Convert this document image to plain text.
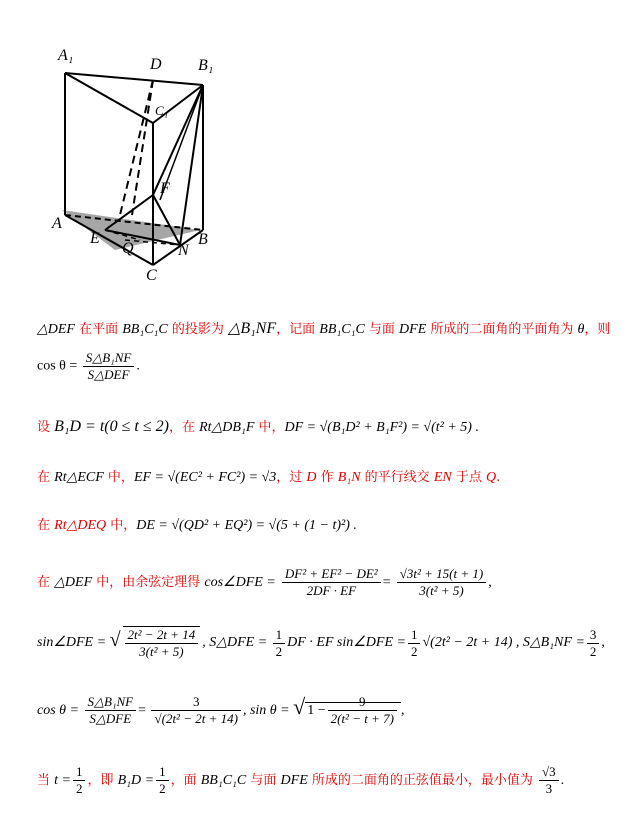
A₁
D B₁
C₁
F
A
E
Q	N
B
C
△DEF 在平面 BB₁C₁C 的投影为 △B₁NF，记面 BB₁C₁C 与面 DFE 所成的二面角的平面角为 θ，则
$\cos \theta = \frac{\text{S△B₁NF}}{\text{S△DEF}}$ .
设 B₁D = t(0 ≤ t ≤ 2)，在 Rt△DB₁F 中，DF = √(B₁D² + B₁F²) = √(t² + 5) .
在 Rt△ECF 中，EF = √(EC² + FC²) = √3，过 D 作 B₁N 的平行线交 EN 于点 Q.
在 Rt△DEQ 中，DE = √(QD² + EQ²) = √(5 + (1 − t)²) .
在 △DEF 中，由余弦定理得 cos∠DFE = $\frac{\text{DF² + EF² − DE²}}{2DF \cdot EF} = \frac{\text{√3t² + 15(t + 1)}}{\text{3(t² + 5)}}$ ,
sin∠DFE = √ $\frac{\text{2t² − 2t + 14}}{\text{3(t² + 5)}}$ , S△DFE = $\frac{1}{2}$ DF · EF sin∠DFE = $\frac{1}{2} √(2t^2 - 2t + 14)$ , S△B₁NF = $\frac{3}{2}$ ,
$\cos \theta = \frac{\text{S△B₁NF}}{\text{S△DFE}} = \frac{3}{\text{√(2t² − 2t + 14)}}$ , sin θ = √ $1 - \frac{9}{\text{2(t² − t + 7)}}$ ,
当 $t = \frac{1}{2}$ ，即 $B_1D = \frac{1}{2}$ ，面 BB₁C₁C 与面 DFE 所成的二面角的正弦值最小，最小值为 $\frac{√3}{3}$ .
